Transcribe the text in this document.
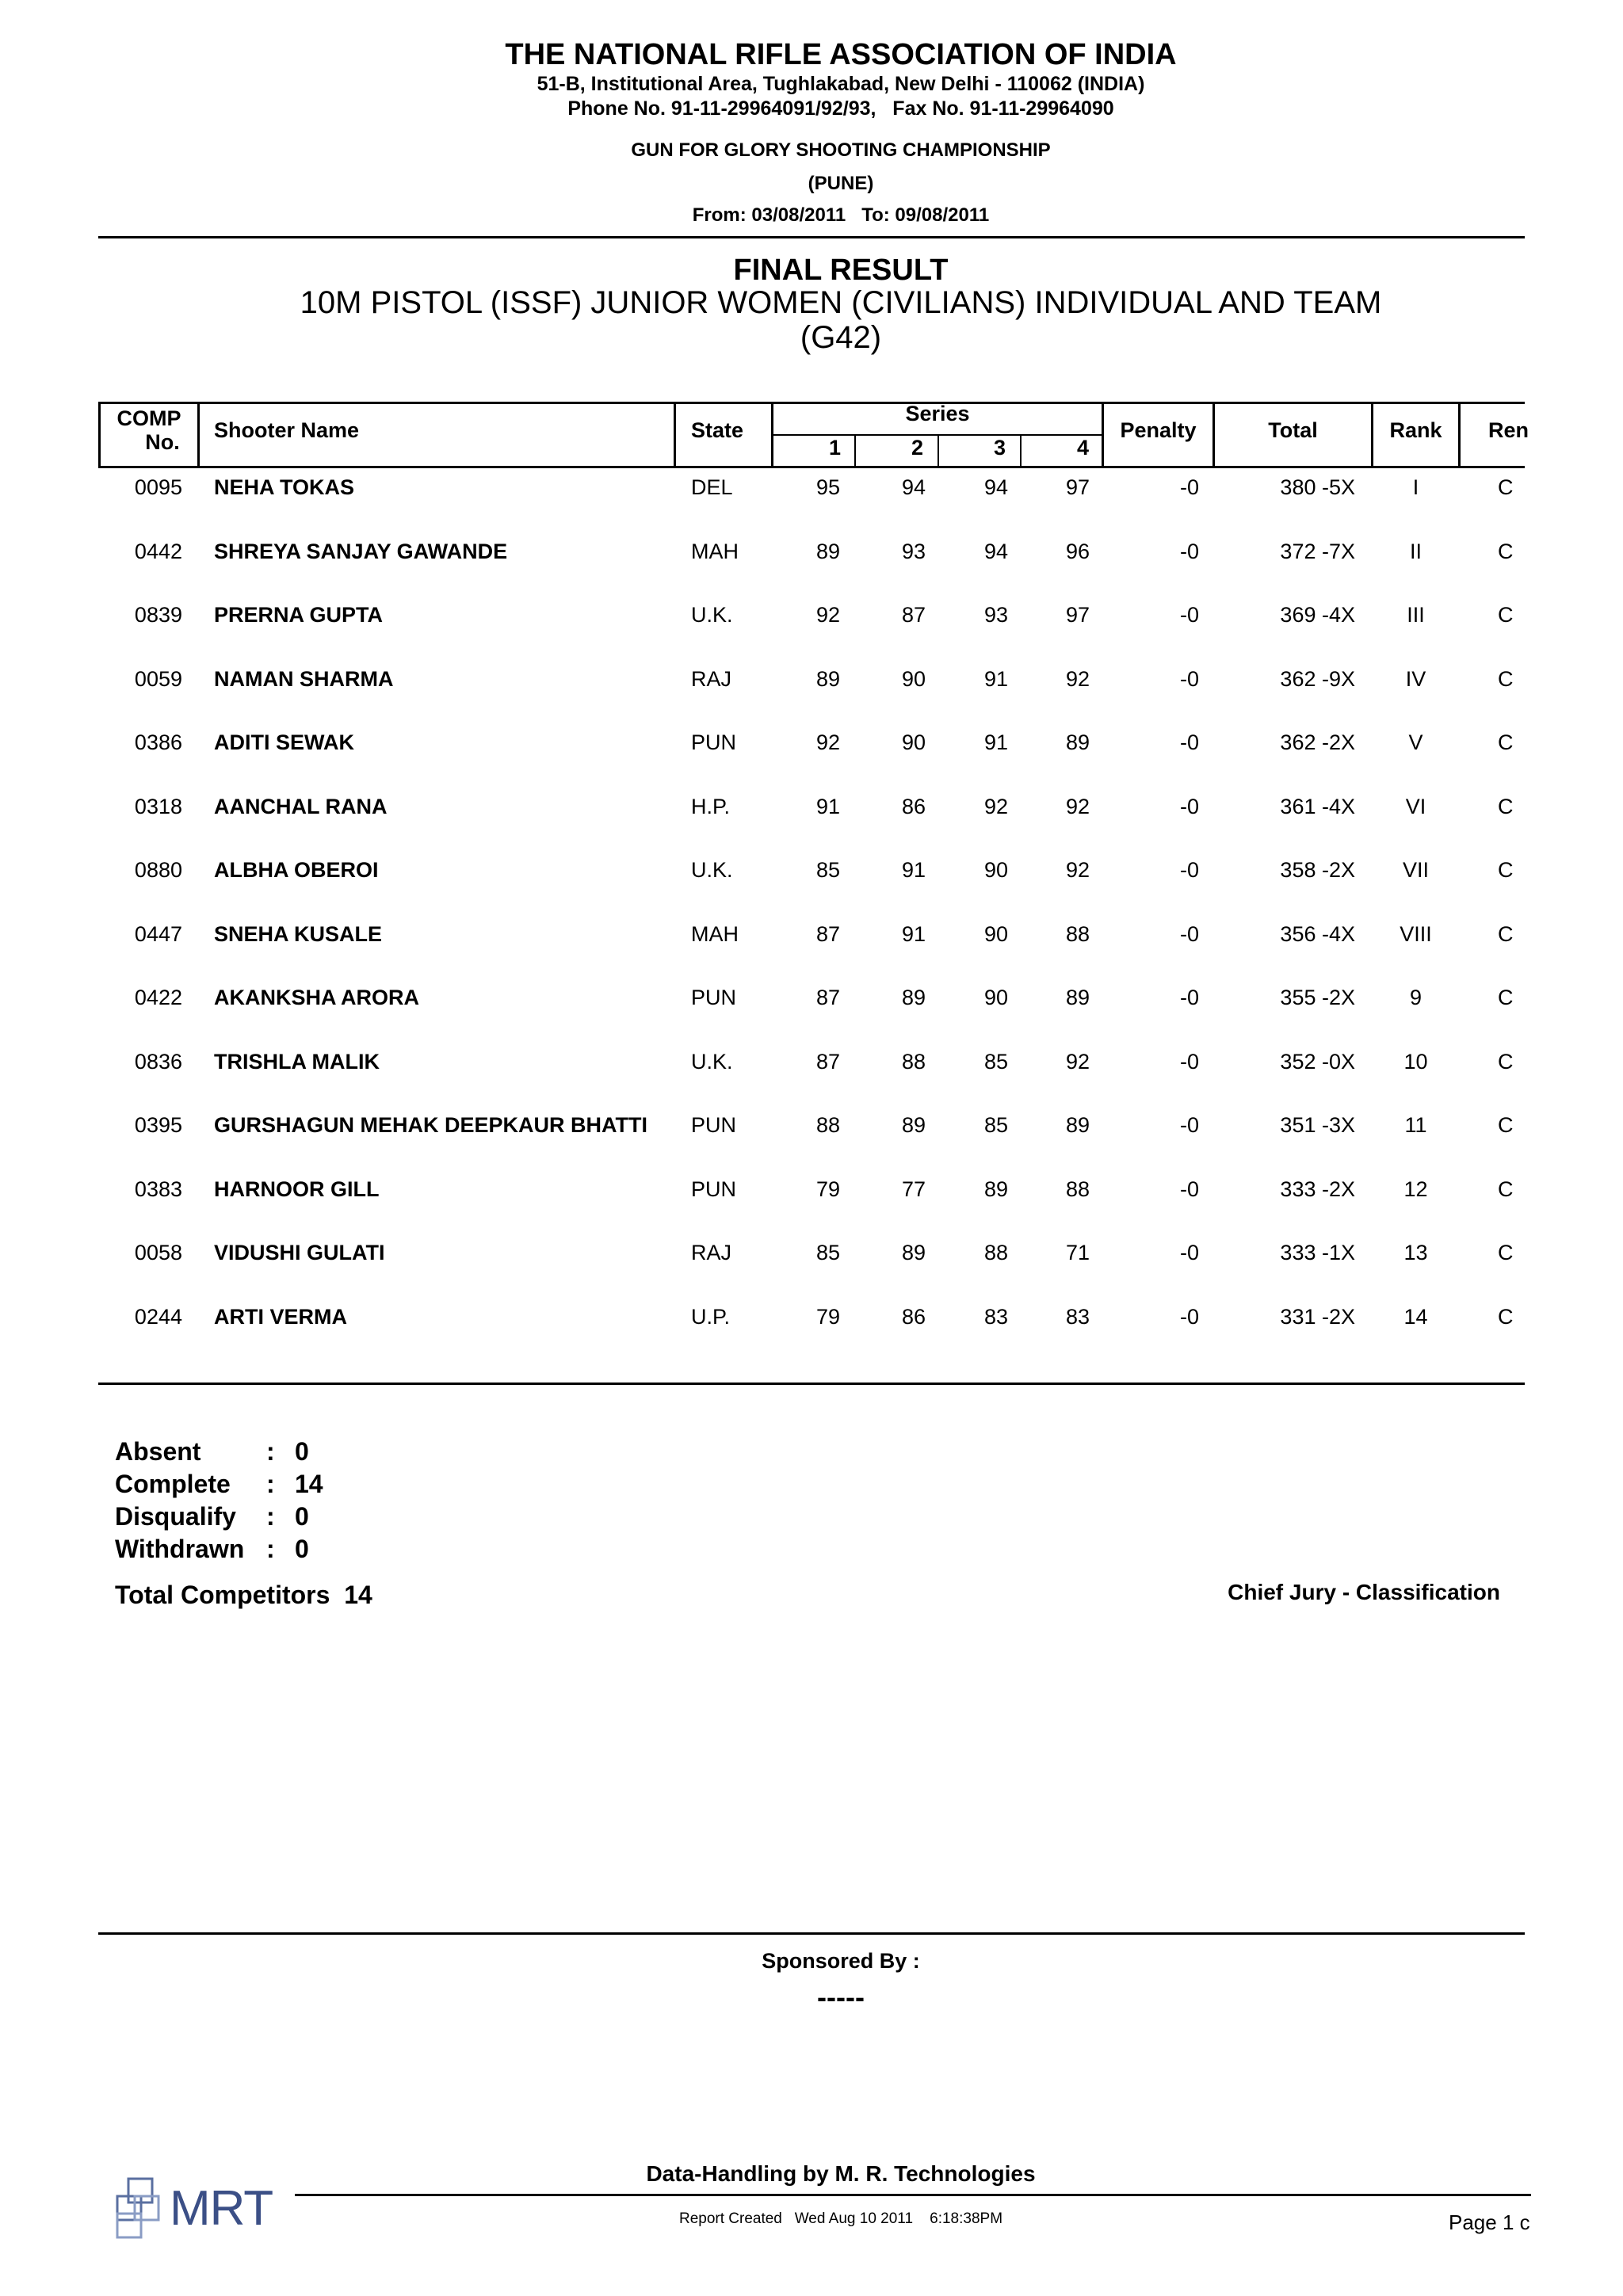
THE NATIONAL RIFLE ASSOCIATION OF INDIA
51-B, Institutional Area, Tughlakabad, New Delhi - 110062 (INDIA)
Phone No. 91-11-29964091/92/93, Fax No. 91-11-29964090
GUN FOR GLORY SHOOTING CHAMPIONSHIP
(PUNE)
From: 03/08/2011 To: 09/08/2011
FINAL RESULT
10M PISTOL (ISSF) JUNIOR WOMEN (CIVILIANS) INDIVIDUAL AND TEAM
(G42)
COMP
No.	Shooter Name	State
Series
1	2	3	4
Penalty	Total	Rank	Ren
0095 NEHA TOKAS	DEL	95	94	94	97	-0	380 -5X	I	C
0442 SHREYA SANJAY GAWANDE	MAH	89	93	94	96	-0	372 -7X	II	C
0839 PRERNA GUPTA	U.K.	92	87	93	97	-0	369 -4X	III	C
0059 NAMAN SHARMA	RAJ	89	90	91	92	-0	362 -9X	IV	C
0386 ADITI SEWAK	PUN	92	90	91	89	-0	362 -2X	V	C
0318 AANCHAL RANA	H.P.	91	86	92	92	-0	361 -4X	VI	C
0880 ALBHA OBEROI	U.K.	85	91	90	92	-0	358 -2X	VII	C
0447 SNEHA KUSALE	MAH	87	91	90	88	-0	356 -4X	VIII	C
0422 AKANKSHA ARORA	PUN	87	89	90	89	-0	355 -2X	9	C
0836 TRISHLA MALIK	U.K.	87	88	85	92	-0	352 -0X	10	C
0395 GURSHAGUN MEHAK DEEPKAUR BHATTI	PUN	88	89	85	89	-0	351 -3X	11	C
0383 HARNOOR GILL	PUN	79	77	89	88	-0	333 -2X	12	C
0058 VIDUSHI GULATI	RAJ	85	89	88	71	-0	333 -1X	13	C
0244 ARTI VERMA	U.P.	79	86	83	83	-0	331 -2X	14	C
Absent	: 0
Complete : 14
Disqualify : 0
Withdrawn : 0
Total Competitors 14	Chief Jury - Classification
Sponsored By :
-----
Data-Handling by M. R. Technologies
Report Created   Wed Aug 10 2011    6:18:38PM	Page 1 c
MRT
